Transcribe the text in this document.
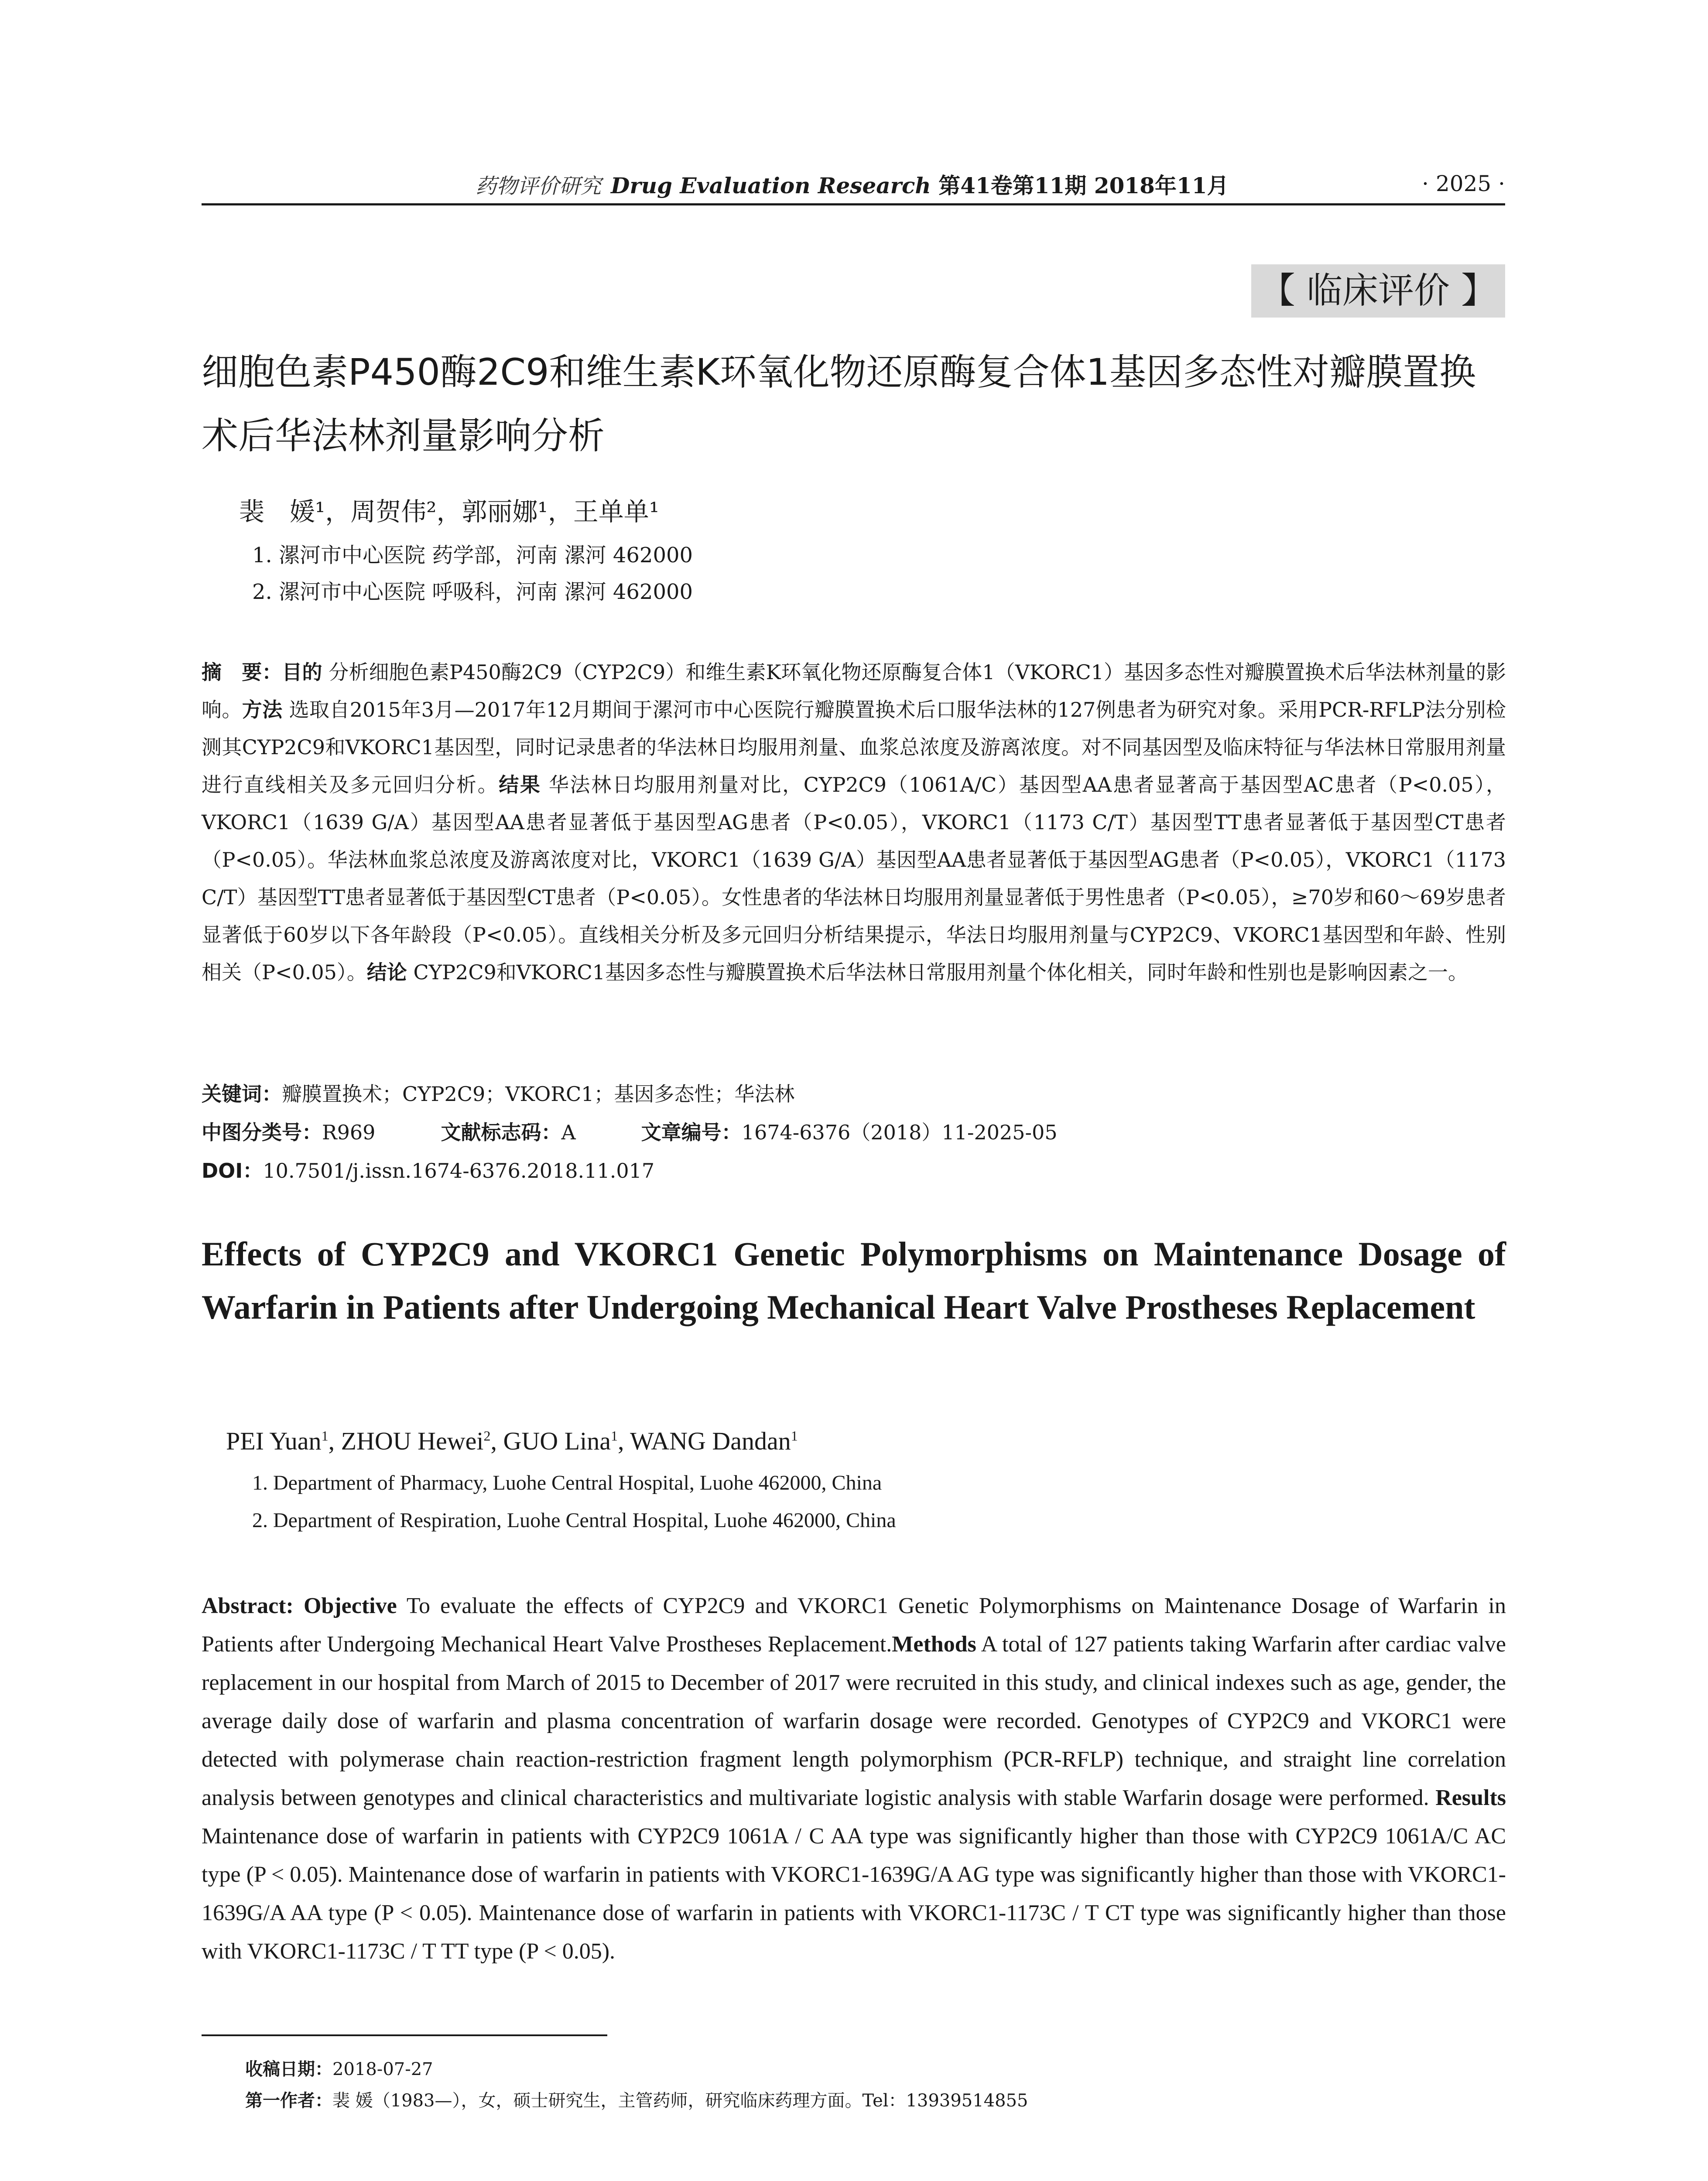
药物评价研究 Drug Evaluation Research 第41卷第11期 2018年11月	· 2025 ·
【 临床评价 】
细胞色素P450酶2C9和维生素K环氧化物还原酶复合体1基因多态性对瓣膜置换术后华法林剂量影响分析
裴　媛¹，周贺伟²，郭丽娜¹，王单单¹
1. 漯河市中心医院 药学部，河南 漯河 462000
2. 漯河市中心医院 呼吸科，河南 漯河 462000
摘　要：目的 分析细胞色素P450酶2C9（CYP2C9）和维生素K环氧化物还原酶复合体1（VKORC1）基因多态性对瓣膜置换术后华法林剂量的影响。方法 选取自2015年3月—2017年12月期间于漯河市中心医院行瓣膜置换术后口服华法林的127例患者为研究对象。采用PCR-RFLP法分别检测其CYP2C9和VKORC1基因型，同时记录患者的华法林日均服用剂量、血浆总浓度及游离浓度。对不同基因型及临床特征与华法林日常服用剂量进行直线相关及多元回归分析。结果 华法林日均服用剂量对比，CYP2C9（1061A/C）基因型AA患者显著高于基因型AC患者（P<0.05），VKORC1（1639 G/A）基因型AA患者显著低于基因型AG患者（P<0.05），VKORC1（1173 C/T）基因型TT患者显著低于基因型CT患者（P<0.05）。华法林血浆总浓度及游离浓度对比，VKORC1（1639 G/A）基因型AA患者显著低于基因型AG患者（P<0.05），VKORC1（1173 C/T）基因型TT患者显著低于基因型CT患者（P<0.05）。女性患者的华法林日均服用剂量显著低于男性患者（P<0.05），≥70岁和60～69岁患者显著低于60岁以下各年龄段（P<0.05）。直线相关分析及多元回归分析结果提示，华法日均服用剂量与CYP2C9、VKORC1基因型和年龄、性别相关（P<0.05）。结论 CYP2C9和VKORC1基因多态性与瓣膜置换术后华法林日常服用剂量个体化相关，同时年龄和性别也是影响因素之一。
关键词：瓣膜置换术；CYP2C9；VKORC1；基因多态性；华法林
中图分类号：R969	文献标志码：A	文章编号：1674-6376（2018）11-2025-05
DOI：10.7501/j.issn.1674-6376.2018.11.017
Effects of CYP2C9 and VKORC1 Genetic Polymorphisms on Maintenance Dosage of Warfarin in Patients after Undergoing Mechanical Heart Valve Prostheses Replacement
PEI Yuan$^1$, ZHOU Hewei$^2$, GUO Lina$^1$, WANG Dandan$^1$
1. Department of Pharmacy, Luohe Central Hospital, Luohe 462000, China
2. Department of Respiration, Luohe Central Hospital, Luohe 462000, China
Abstract: Objective To evaluate the effects of CYP2C9 and VKORC1 Genetic Polymorphisms on Maintenance Dosage of Warfarin in Patients after Undergoing Mechanical Heart Valve Prostheses Replacement.Methods A total of 127 patients taking Warfarin after cardiac valve replacement in our hospital from March of 2015 to December of 2017 were recruited in this study, and clinical indexes such as age, gender, the average daily dose of warfarin and plasma concentration of warfarin dosage were recorded. Genotypes of CYP2C9 and VKORC1 were detected with polymerase chain reaction-restriction fragment length polymorphism (PCR-RFLP) technique, and straight line correlation analysis between genotypes and clinical characteristics and multivariate logistic analysis with stable Warfarin dosage were performed. Results Maintenance dose of warfarin in patients with CYP2C9 1061A / C AA type was significantly higher than those with CYP2C9 1061A/C AC type (P < 0.05). Maintenance dose of warfarin in patients with VKORC1-1639G/A AG type was significantly higher than those with VKORC1-1639G/A AA type (P < 0.05). Maintenance dose of warfarin in patients with VKORC1-1173C / T CT type was significantly higher than those with VKORC1-1173C / T TT type (P < 0.05).
收稿日期：2018-07-27
第一作者：裴 媛（1983—），女，硕士研究生，主管药师，研究临床药理方面。Tel：13939514855
